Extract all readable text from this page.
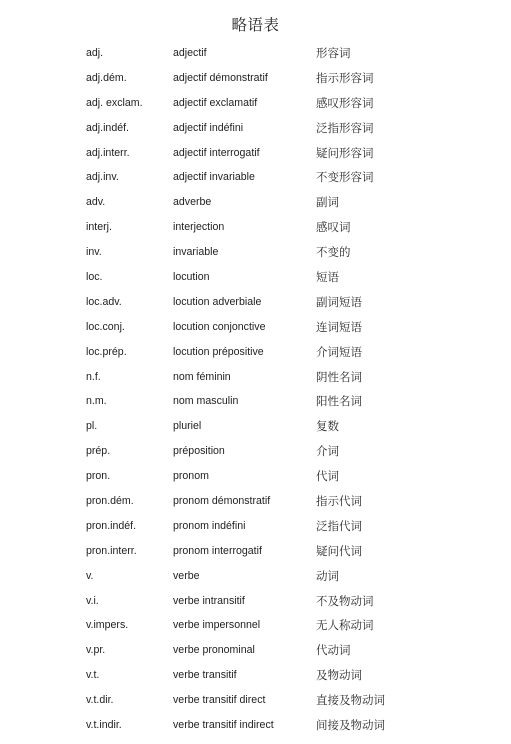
略语表
adj.	adjectif	形容词
adj.dém.	adjectif démonstratif	指示形容词
adj. exclam.	adjectif exclamatif	感叹形容词
adj.indéf.	adjectif indéfini	泛指形容词
adj.interr.	adjectif interrogatif	疑问形容词
adj.inv.	adjectif invariable	不变形容词
adv.	adverbe	副词
interj.	interjection	感叹词
inv.	invariable	不变的
loc.	locution	短语
loc.adv.	locution adverbiale	副词短语
loc.conj.	locution conjonctive	连词短语
loc.prép.	locution prépositive	介词短语
n.f.	nom féminin	阴性名词
n.m.	nom masculin	阳性名词
pl.	pluriel	复数
prép.	préposition	介词
pron.	pronom	代词
pron.dém.	pronom démonstratif	指示代词
pron.indéf.	pronom indéfini	泛指代词
pron.interr.	pronom interrogatif	疑问代词
v.	verbe	动词
v.i.	verbe intransitif	不及物动词
v.impers.	verbe impersonnel	无人称动词
v.pr.	verbe pronominal	代动词
v.t.	verbe transitif	及物动词
v.t.dir.	verbe transitif direct	直接及物动词
v.t.indir.	verbe transitif indirect	间接及物动词
